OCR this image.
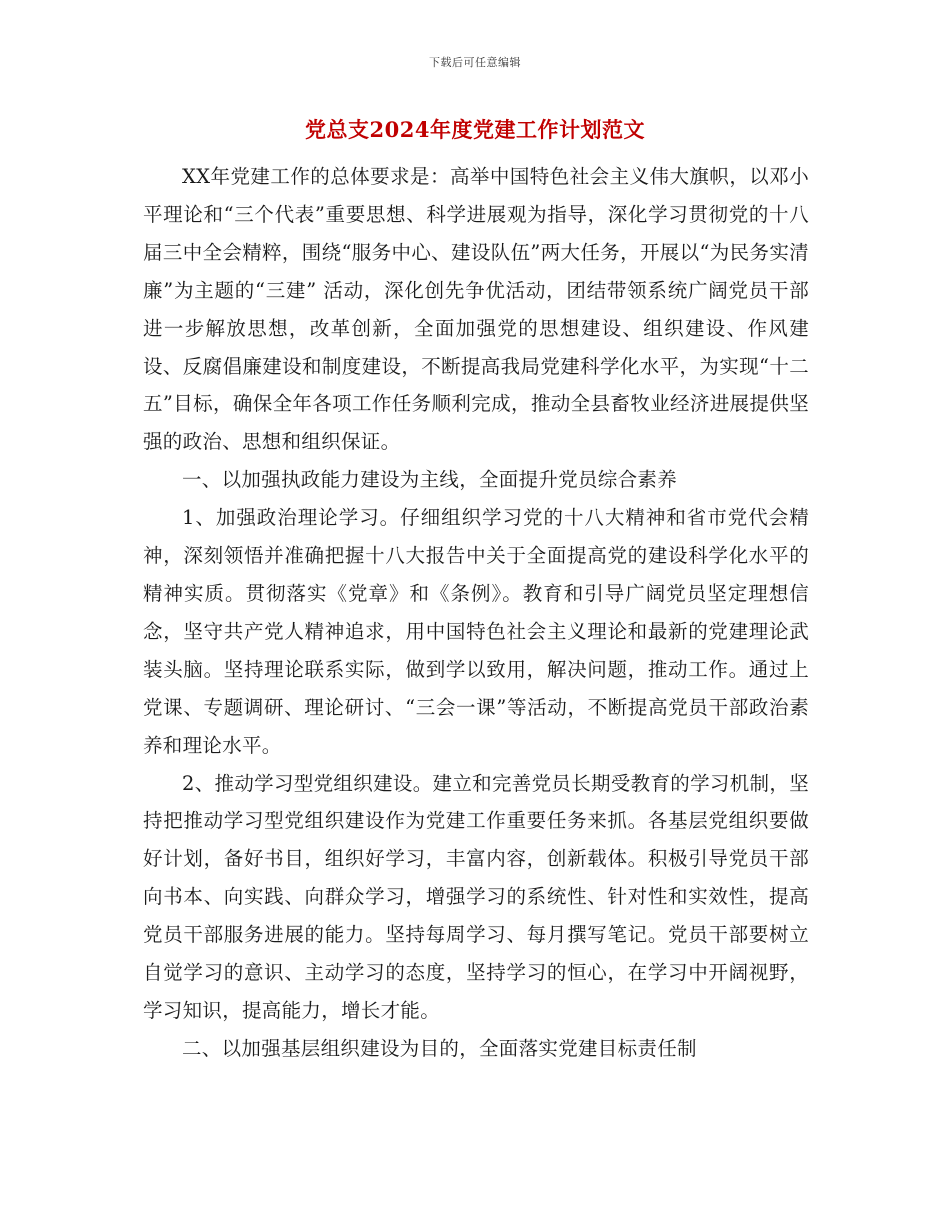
下载后可任意编辑
党总支2024年度党建工作计划范文

XX年党建工作的总体要求是：高举中国特色社会主义伟大旗帜，以邓小平理论和“三个代表”重要思想、科学进展观为指导，深化学习贯彻党的十八届三中全会精粹，围绕“服务中心、建设队伍”两大任务，开展以“为民务实清廉”为主题的“三建” 活动，深化创先争优活动，团结带领系统广阔党员干部进一步解放思想，改革创新，全面加强党的思想建设、组织建设、作风建设、反腐倡廉建设和制度建设，不断提高我局党建科学化水平，为实现“十二五”目标，确保全年各项工作任务顺利完成，推动全县畜牧业经济进展提供坚强的政治、思想和组织保证。

一、以加强执政能力建设为主线，全面提升党员综合素养

1、加强政治理论学习。仔细组织学习党的十八大精神和省市党代会精神，深刻领悟并准确把握十八大报告中关于全面提高党的建设科学化水平的精神实质。贯彻落实《党章》和《条例》。教育和引导广阔党员坚定理想信念，坚守共产党人精神追求，用中国特色社会主义理论和最新的党建理论武装头脑。坚持理论联系实际，做到学以致用，解决问题，推动工作。通过上党课、专题调研、理论研讨、“三会一课”等活动，不断提高党员干部政治素养和理论水平。

2、推动学习型党组织建设。建立和完善党员长期受教育的学习机制，坚持把推动学习型党组织建设作为党建工作重要任务来抓。各基层党组织要做好计划，备好书目，组织好学习，丰富内容，创新载体。积极引导党员干部向书本、向实践、向群众学习，增强学习的系统性、针对性和实效性，提高党员干部服务进展的能力。坚持每周学习、每月撰写笔记。党员干部要树立自觉学习的意识、主动学习的态度，坚持学习的恒心，在学习中开阔视野，学习知识，提高能力，增长才能。

二、以加强基层组织建设为目的，全面落实党建目标责任制
